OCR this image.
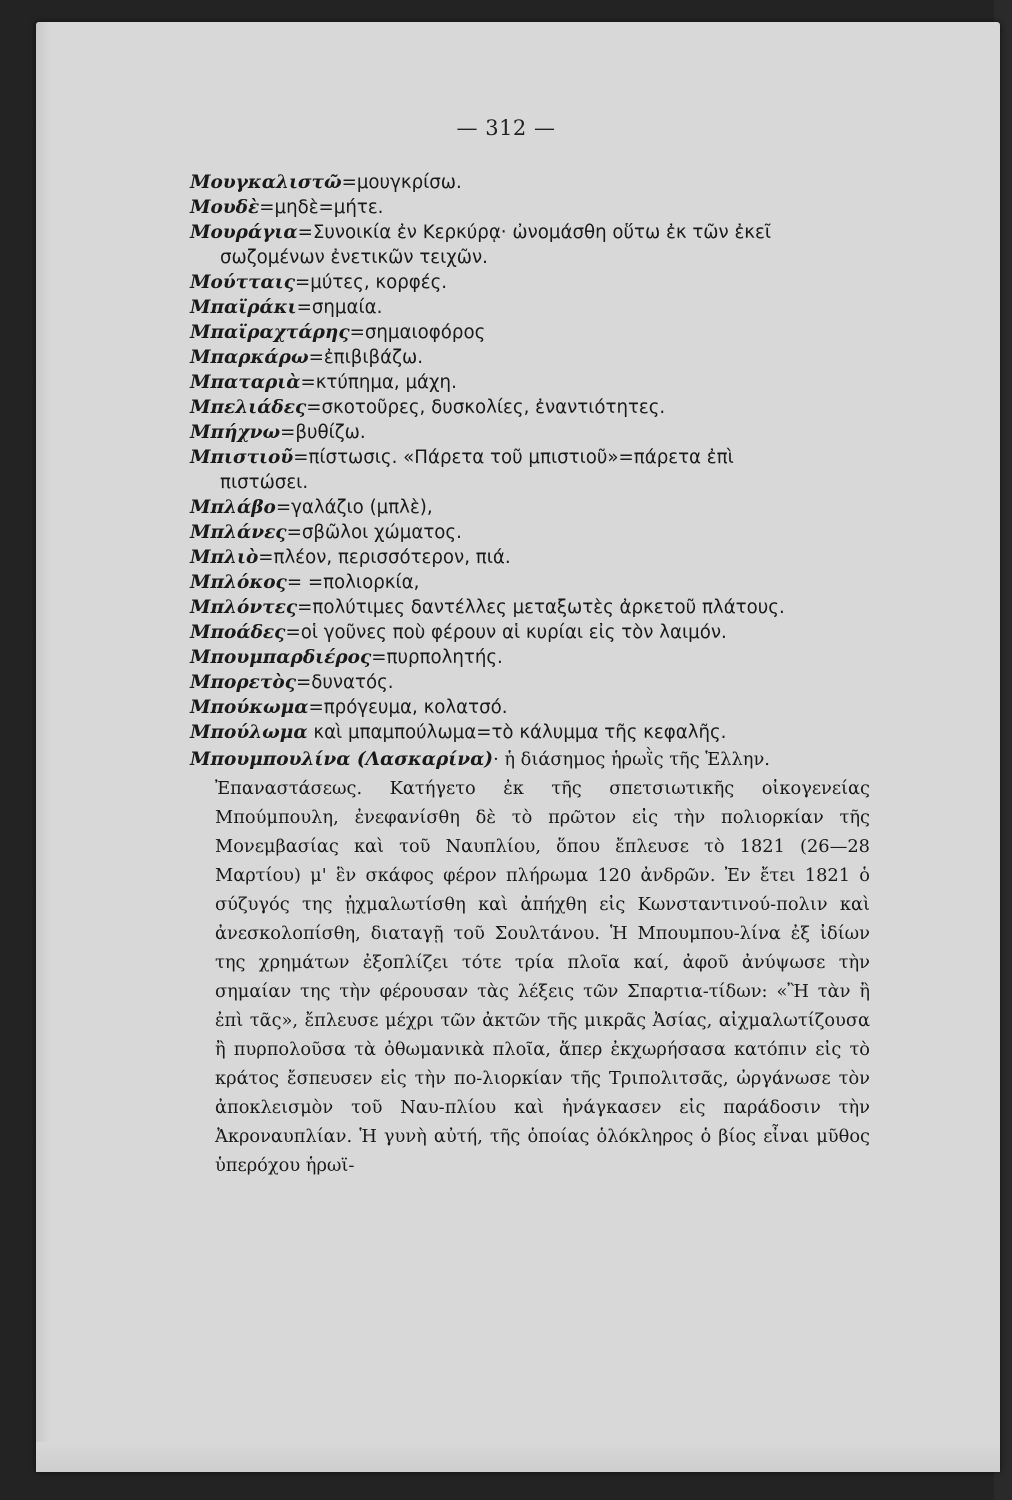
— 312 —
Μουγκαλιστῶ=μουγκρίσω.
Μουδὲ=μηδὲ=μήτε.
Μουράγια=Συνοικία ἐν Κερκύρᾳ· ὠνομάσθη οὕτω ἐκ τῶν ἐκεῖ
σωζομένων ἐνετικῶν τειχῶν.
Μούτταις=μύτες, κορφές.
Μπαϊράκι=σημαία.
Μπαϊραχτάρης=σημαιοφόρος
Μπαρκάρω=ἐπιβιβάζω.
Μπαταριὰ=κτύπημα, μάχη.
Μπελιάδες=σκοτοῦρες, δυσκολίες, ἐναντιότητες.
Μπήχνω=βυθίζω.
Μπιστιοῦ=πίστωσις. «Πάρετα τοῦ μπιστιοῦ»=πάρετα ἐπὶ
πιστώσει.
Μπλάβο=γαλάζιο (μπλὲ),
Μπλάνες=σβῶλοι χώματος.
Μπλιὸ=πλέον, περισσότερον, πιά.
Μπλόκος= =πολιορκία,
Μπλόντες=πολύτιμες δαντέλλες μεταξωτὲς ἀρκετοῦ πλάτους.
Μποάδες=οἱ γοῦνες ποὺ φέρουν αἱ κυρίαι εἰς τὸν λαιμόν.
Μπουμπαρδιέρος=πυρπολητής.
Μπορετὸς=δυνατός.
Μπούκωμα=πρόγευμα, κολατσό.
Μπούλωμα καὶ μπαμπούλωμα=τὸ κάλυμμα τῆς κεφαλῆς.
Μπουμπουλίνα (Λασκαρίνα)· ἡ διάσημος ἡρωῒς τῆς Ἑλλην.
Ἐπαναστάσεως. Κατήγετο ἐκ τῆς σπετσιωτικῆς οἰκογενείας Μπούμπουλη, ἐνεφανίσθη δὲ τὸ πρῶτον εἰς τὴν πολιορκίαν τῆς Μονεμβασίας καὶ τοῦ Ναυπλίου, ὅπου ἔπλευσε τὸ 1821 (26—28 Μαρτίου) μ' ἓν σκάφος φέρον πλήρωμα 120 ἀνδρῶν. Ἐν ἔτει 1821 ὁ σύζυγός της ᾐχμαλωτίσθη καὶ ἀπήχθη εἰς Κωνσταντινού-πολιν καὶ ἀνεσκολοπίσθη, διαταγῇ τοῦ Σουλτάνου. Ἡ Μπουμπου-λίνα ἐξ ἰδίων της χρημάτων ἐξοπλίζει τότε τρία πλοῖα καί, ἀφοῦ ἀνύψωσε τὴν σημαίαν της τὴν φέρουσαν τὰς λέξεις τῶν Σπαρτια-τίδων: «Ἢ τὰν ἢ ἐπὶ τᾶς», ἔπλευσε μέχρι τῶν ἀκτῶν τῆς μικρᾶς Ἀσίας, αἰχμαλωτίζουσα ἢ πυρπολοῦσα τὰ ὀθωμανικὰ πλοῖα, ἅπερ ἐκχωρήσασα κατόπιν εἰς τὸ κράτος ἔσπευσεν εἰς τὴν πο-λιορκίαν τῆς Τριπολιτσᾶς, ὠργάνωσε τὸν ἀποκλεισμὸν τοῦ Ναυ-πλίου καὶ ἠνάγκασεν εἰς παράδοσιν τὴν Ἀκροναυπλίαν. Ἡ γυνὴ αὐτή, τῆς ὁποίας ὁλόκληρος ὁ βίος εἶναι μῦθος ὑπερόχου ἡρωϊ-
